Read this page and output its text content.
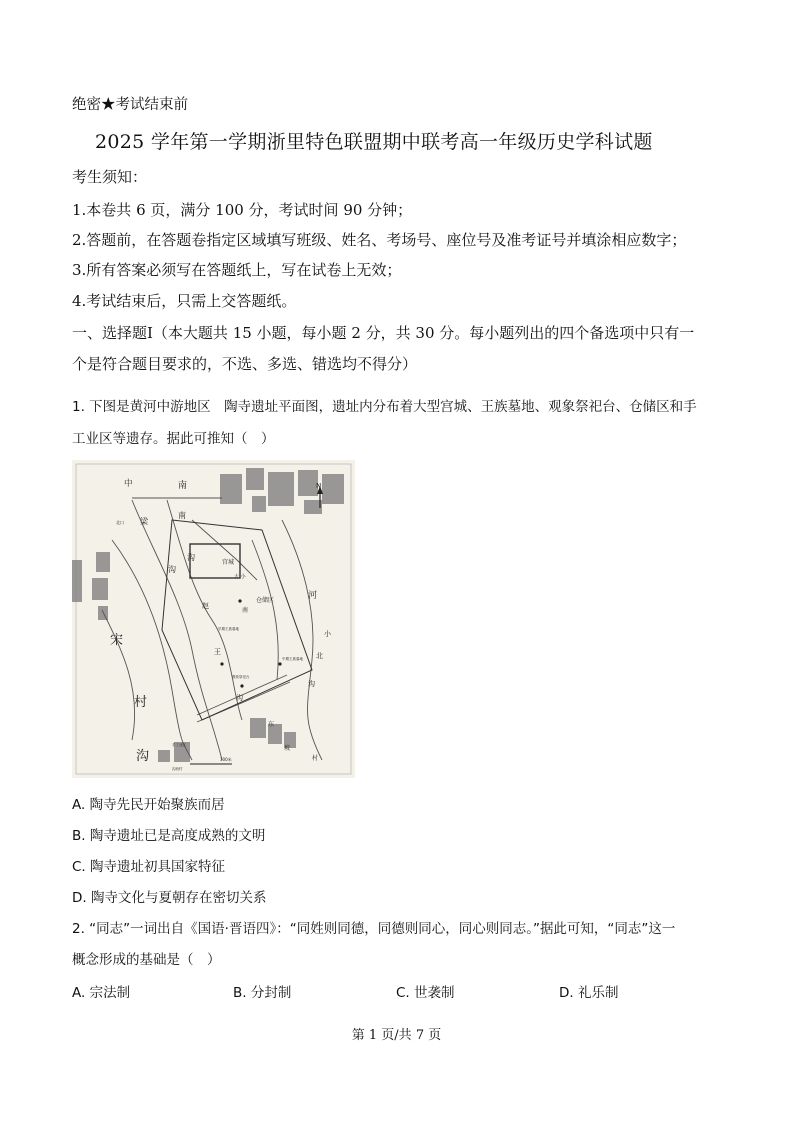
绝密★考试结束前
2025 学年第一学期浙里特色联盟期中联考高一年级历史学科试题
考生须知：
1.本卷共 6 页，满分 100 分，考试时间 90 分钟；
2.答题前，在答题卷指定区域填写班级、姓名、考场号、座位号及准考证号并填涂相应数字；
3.所有答案必须写在答题纸上，写在试卷上无效；
4.考试结束后，只需上交答题纸。
一、选择题Ⅰ（本大题共 15 小题，每小题 2 分，共 30 分。每小题列出的四个备选项中只有一
个是符合题目要求的，不选、多选、错选均不得分）
1. 下图是黄河中游地区　陶寺遗址平面图，遗址内分布着大型宫城、王族墓地、观象祭祀台、仓储区和手
工业区等遗存。据此可推知（　）
N
300米
中	南
南
梁
北口
沟
宫城
大 小
沟
赵
南
仓储区	河
小
北
沟
宋
王
村
沟
沟
东
坡
村
早期王族墓地
中期王族墓地
观象祭祀台
手工业区
沟西村
A. 陶寺先民开始聚族而居
B. 陶寺遗址已是高度成熟的文明
C. 陶寺遗址初具国家特征
D. 陶寺文化与夏朝存在密切关系
2. “同志”一词出自《国语·晋语四》：“同姓则同德，同德则同心，同心则同志。”据此可知，“同志”这一
概念形成的基础是（　）
A. 宗法制	B. 分封制	C. 世袭制	D. 礼乐制
第 1 页/共 7 页
